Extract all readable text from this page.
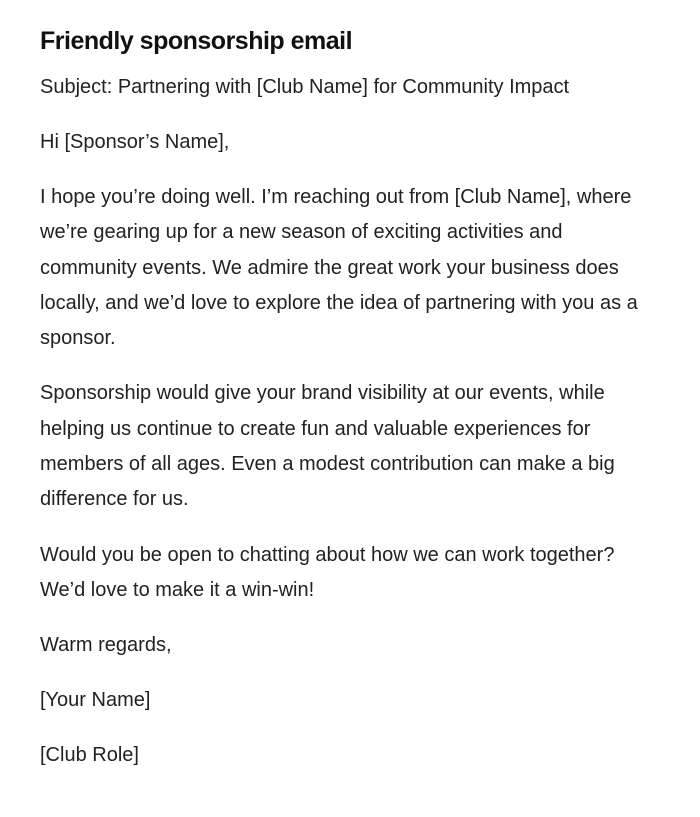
Friendly sponsorship email

Subject: Partnering with [Club Name] for Community Impact

Hi [Sponsor’s Name],

I hope you’re doing well. I’m reaching out from [Club Name], where we’re gearing up for a new season of exciting activities and community events. We admire the great work your business does locally, and we’d love to explore the idea of partnering with you as a sponsor.

Sponsorship would give your brand visibility at our events, while helping us continue to create fun and valuable experiences for members of all ages. Even a modest contribution can make a big difference for us.

Would you be open to chatting about how we can work together? We’d love to make it a win-win!

Warm regards,

[Your Name]

[Club Role]
